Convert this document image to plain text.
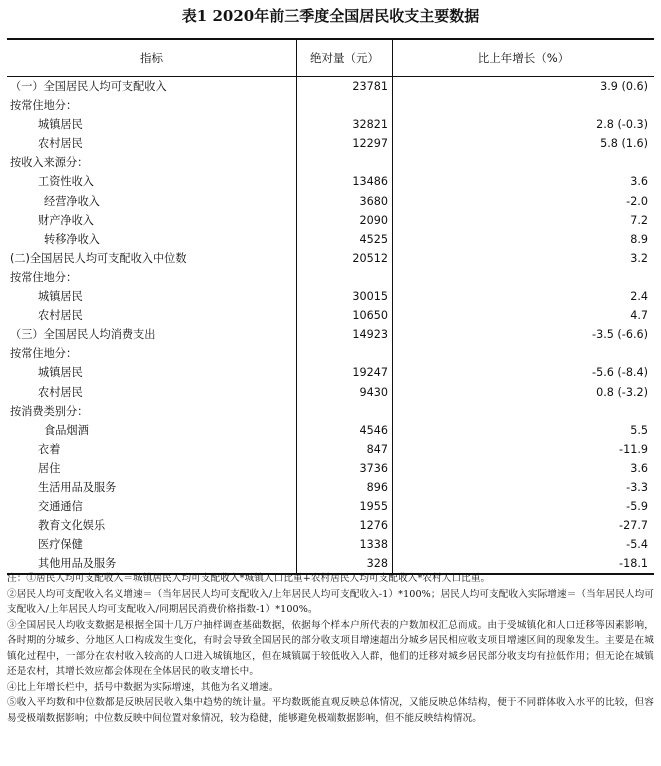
表1 2020年前三季度全国居民收支主要数据
指标	绝对量（元）	比上年增长（%）
（一）全国居民人均可支配收入	23781	3.9 (0.6)
按常住地分：
城镇居民	32821	2.8 (-0.3)
农村居民	12297	5.8 (1.6)
按收入来源分：
工资性收入	13486	3.6
经营净收入	3680	-2.0
财产净收入	2090	7.2
转移净收入	4525	8.9
(二)全国居民人均可支配收入中位数	20512	3.2
按常住地分：
城镇居民	30015	2.4
农村居民	10650	4.7
（三）全国居民人均消费支出	14923	-3.5 (-6.6)
按常住地分：
城镇居民	19247	-5.6 (-8.4)
农村居民	9430	0.8 (-3.2)
按消费类别分：
食品烟酒	4546	5.5
衣着	847	-11.9
居住	3736	3.6
生活用品及服务	896	-3.3
交通通信	1955	-5.9
教育文化娱乐	1276	-27.7
医疗保健	1338	-5.4
其他用品及服务	328	-18.1
注：①居民人均可支配收入＝城镇居民人均可支配收入*城镇人口比重+农村居民人均可支配收入*农村人口比重。
②居民人均可支配收入名义增速＝（当年居民人均可支配收入/上年居民人均可支配收入-1）*100%；居民人均可支配收入实际增速＝（当年居民人均可支配收入/上年居民人均可支配收入/同期居民消费价格指数-1）*100%。
③全国居民人均收支数据是根据全国十几万户抽样调查基础数据，依据每个样本户所代表的户数加权汇总而成。由于受城镇化和人口迁移等因素影响，各时期的分城乡、分地区人口构成发生变化，有时会导致全国居民的部分收支项目增速超出分城乡居民相应收支项目增速区间的现象发生。主要是在城镇化过程中，一部分在农村收入较高的人口进入城镇地区，但在城镇属于较低收入人群，他们的迁移对城乡居民部分收支均有拉低作用；但无论在城镇还是农村，其增长效应都会体现在全体居民的收支增长中。
④比上年增长栏中，括号中数据为实际增速，其他为名义增速。
⑤收入平均数和中位数都是反映居民收入集中趋势的统计量。平均数既能直观反映总体情况，又能反映总体结构，便于不同群体收入水平的比较，但容易受极端数据影响；中位数反映中间位置对象情况，较为稳健，能够避免极端数据影响，但不能反映结构情况。
